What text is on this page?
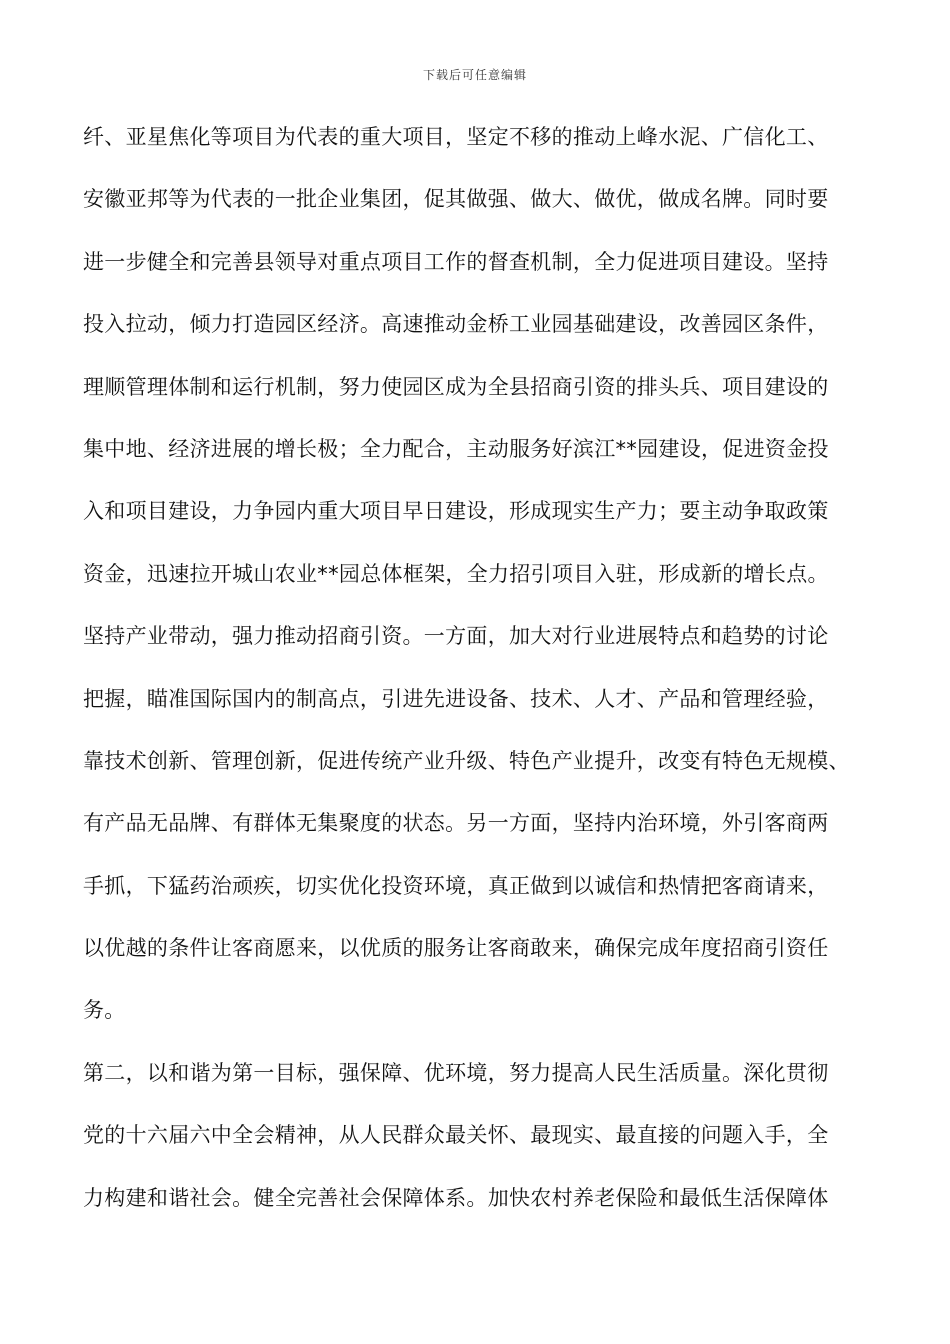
下载后可任意编辑
纤、亚星焦化等项目为代表的重大项目，坚定不移的推动上峰水泥、广信化工、
安徽亚邦等为代表的一批企业集团，促其做强、做大、做优，做成名牌。同时要
进一步健全和完善县领导对重点项目工作的督查机制，全力促进项目建设。坚持
投入拉动，倾力打造园区经济。高速推动金桥工业园基础建设，改善园区条件，
理顺管理体制和运行机制，努力使园区成为全县招商引资的排头兵、项目建设的
集中地、经济进展的增长极；全力配合，主动服务好滨江**园建设，促进资金投
入和项目建设，力争园内重大项目早日建设，形成现实生产力；要主动争取政策
资金，迅速拉开城山农业**园总体框架，全力招引项目入驻，形成新的增长点。
坚持产业带动，强力推动招商引资。一方面，加大对行业进展特点和趋势的讨论
把握，瞄准国际国内的制高点，引进先进设备、技术、人才、产品和管理经验，
靠技术创新、管理创新，促进传统产业升级、特色产业提升，改变有特色无规模、
有产品无品牌、有群体无集聚度的状态。另一方面，坚持内治环境，外引客商两
手抓，下猛药治顽疾，切实优化投资环境，真正做到以诚信和热情把客商请来，
以优越的条件让客商愿来，以优质的服务让客商敢来，确保完成年度招商引资任
务。
第二，以和谐为第一目标，强保障、优环境，努力提高人民生活质量。深化贯彻
党的十六届六中全会精神，从人民群众最关怀、最现实、最直接的问题入手，全
力构建和谐社会。健全完善社会保障体系。加快农村养老保险和最低生活保障体
